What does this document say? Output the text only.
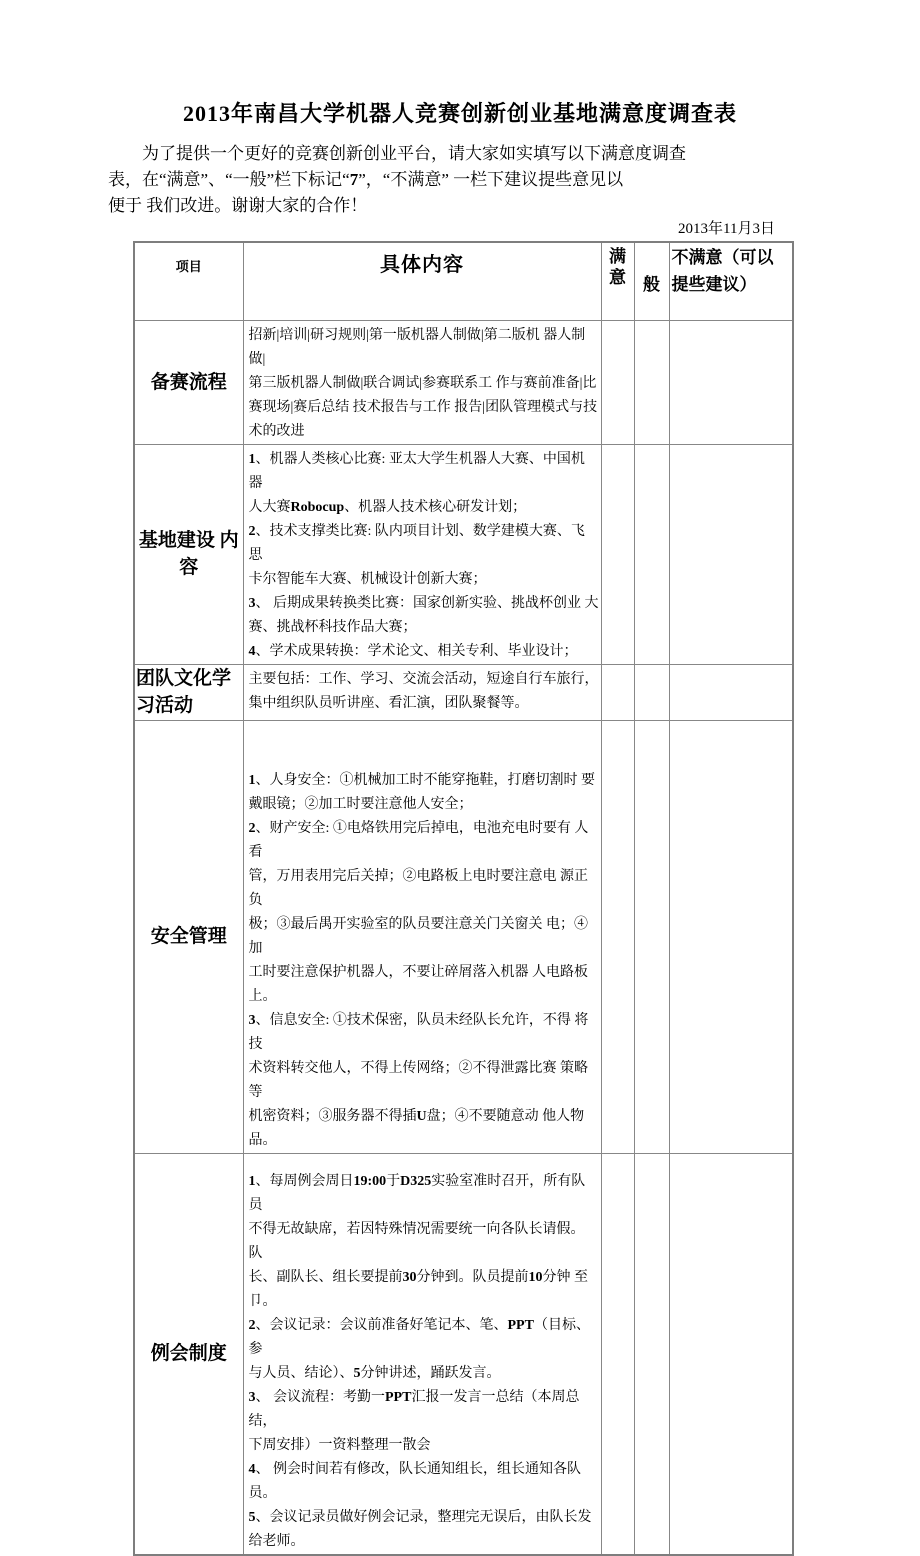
2013年南昌大学机器人竞赛创新创业基地满意度调查表

为了提供一个更好的竞赛创新创业平台，请大家如实填写以下满意度调查
表，在“满意”、“一般”栏下标记“7”，“不满意” 一栏下建议提些意见以
便于 我们改进。谢谢大家的合作！

2013年11月3日
项目	具体内容	满意	般	不满意（可以
提些建议）
备赛流程	招新|培训|研习规则|第一版机器人制做|第二版机 器人制做|
第三版机器人制做|联合调试|参赛联系工 作与赛前准备|比
赛现场|赛后总结 技术报告与工作 报告|团队管理模式与技
术的改进			
基地建设 内
容	1、机器人类核心比赛: 亚太大学生机器人大赛、中国机 器
人大赛Robocup、机器人技术核心研发计划；
2、技术支撑类比赛: 队内项目计划、数学建模大赛、飞 思
卡尔智能车大赛、机械设计创新大赛；
3、 后期成果转换类比赛：国家创新实验、挑战杯创业 大
赛、挑战杯科技作品大赛；
4、学术成果转换：学术论文、相关专利、毕业设计；			
团队文化学
习活动	主要包括：工作、学习、交流会活动，短途自行车旅行，
集中组织队员听讲座、看汇演，团队聚餐等。			
安全管理	1、人身安全：①机械加工时不能穿拖鞋，打磨切割时 要
戴眼镜；②加工时要注意他人安全；
2、财产安全: ①电烙铁用完后掉电，电池充电时要有 人看
管，万用表用完后关掉；②电路板上电时要注意电 源正负
极；③最后禺开实验室的队员要注意关门关窗关 电；④加
工时要注意保护机器人，不要让碎屑落入机器 人电路板上。
3、信息安全: ①技术保密，队员未经队长允许，不得 将技
术资料转交他人，不得上传网络；②不得泄露比赛 策略等
机密资料；③服务器不得插U盘；④不要随意动 他人物品。			
例会制度	1、每周例会周日19:00于D325实验室准时召开，所有队 员
不得无故缺席，若因特殊情况需要统一向各队长请假。 队
长、副队长、组长要提前30分钟到。队员提前10分钟 至 卩。
2、会议记录：会议前准备好笔记本、笔、PPT（目标、参
与人员、结论）、5分钟讲述，踊跃发言。
3、 会议流程：考勤一PPT汇报一发言一总结（本周总结，
下周安排）一资料整理一散会
4、 例会时间若有修改，队长通知组长，组长通知各队员。
5、会议记录员做好例会记录，整理完无误后，由队长发
给老师。			
